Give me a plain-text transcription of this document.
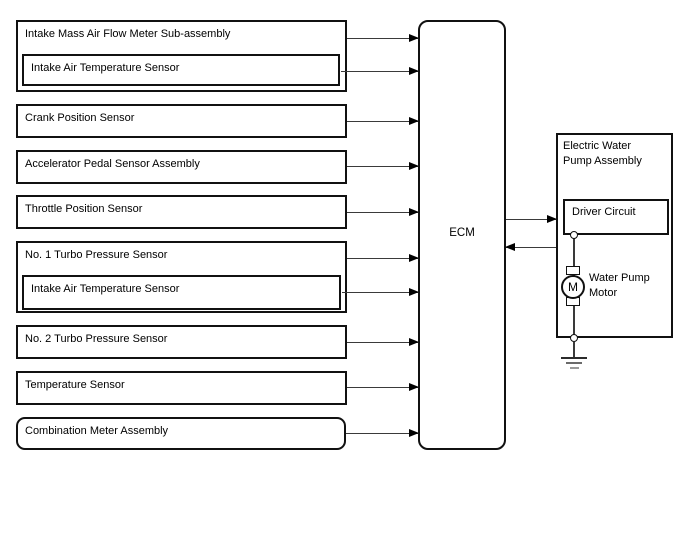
Intake Mass Air Flow Meter Sub-assembly
Intake Air Temperature Sensor
Crank Position Sensor
Accelerator Pedal Sensor Assembly
Throttle Position Sensor
No. 1 Turbo Pressure Sensor
Intake Air Temperature Sensor
No. 2 Turbo Pressure Sensor
Temperature Sensor
Combination Meter Assembly
ECM
Electric Water
Pump Assembly
Driver Circuit
M
Water Pump
Motor
